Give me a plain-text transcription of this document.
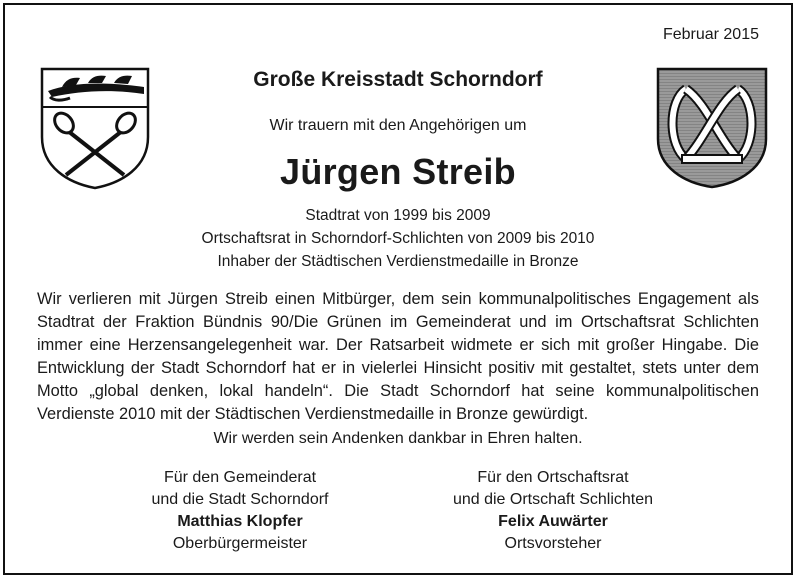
Februar 2015
Große Kreisstadt Schorndorf
Wir trauern mit den Angehörigen um
Jürgen Streib
Stadtrat von 1999 bis 2009
Ortschaftsrat in Schorndorf-Schlichten von 2009 bis 2010
Inhaber der Städtischen Verdienstmedaille in Bronze
Wir verlieren mit Jürgen Streib einen Mitbürger, dem sein kommunalpolitisches Engagement als Stadtrat der Fraktion Bündnis 90/Die Grünen im Gemeinderat und im Ortschaftsrat Schlichten immer eine Herzensangelegenheit war. Der Ratsarbeit widmete er sich mit großer Hingabe. Die Entwicklung der Stadt Schorndorf hat er in vielerlei Hinsicht positiv mit gestaltet, stets unter dem Motto „global denken, lokal handeln“. Die Stadt Schorndorf hat seine kommunalpolitischen Verdienste 2010 mit der Städtischen Verdienstmedaille in Bronze gewürdigt.
Wir werden sein Andenken dankbar in Ehren halten.
Für den Gemeinderat
und die Stadt Schorndorf
Matthias Klopfer
Oberbürgermeister
Für den Ortschaftsrat
und die Ortschaft Schlichten
Felix Auwärter
Ortsvorsteher
